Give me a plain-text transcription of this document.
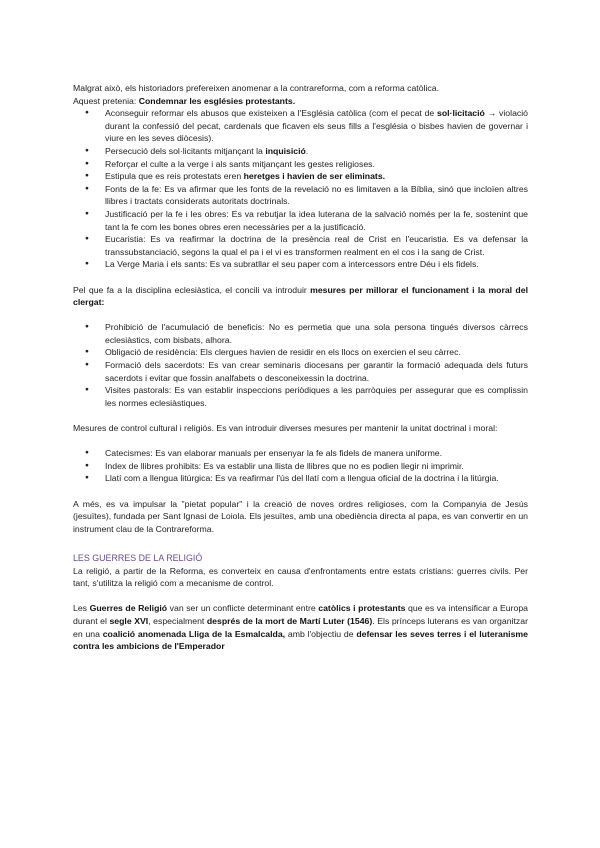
Malgrat això, els historiadors prefereixen anomenar a la contrareforma, com a reforma catòlica.
Aquest pretenia: Condemnar les esglésies protestants.

● Aconseguir reformar els abusos que existeixen a l'Església catòlica (com el pecat de sol·licitació → violació durant la confessió del pecat, cardenals que ficaven els seus fills a l'església o bisbes havien de governar i viure en les seves diòcesis).
● Persecució dels sol·licitants mitjançant la inquisició.
● Reforçar el culte a la verge i als sants mitjançant les gestes religioses.
● Estipula que es reis protestats eren heretges i havien de ser eliminats.
● Fonts de la fe: Es va afirmar que les fonts de la revelació no es limitaven a la Bíblia, sinó que incloïen altres llibres i tractats considerats autoritats doctrinals.
● Justificació per la fe i les obres: Es va rebutjar la idea luterana de la salvació només per la fe, sostenint que tant la fe com les bones obres eren necessàries per a la justificació.
● Eucaristia: Es va reafirmar la doctrina de la presència real de Crist en l'eucaristia. Es va defensar la transsubstanciació, segons la qual el pa i el vi es transformen realment en el cos i la sang de Crist.
● La Verge Maria i els sants: Es va subratllar el seu paper com a intercessors entre Déu i els fidels.

Pel que fa a la disciplina eclesiàstica, el concili va introduir mesures per millorar el funcionament i la moral del clergat:

● Prohibició de l'acumulació de beneficis: No es permetia que una sola persona tingués diversos càrrecs eclesiàstics, com bisbats, alhora.
● Obligació de residència: Els clergues havien de residir en els llocs on exercien el seu càrrec.
● Formació dels sacerdots: Es van crear seminaris diocesans per garantir la formació adequada dels futurs sacerdots i evitar que fossin analfabets o desconeixessin la doctrina.
● Visites pastorals: Es van establir inspeccions periòdiques a les parròquies per assegurar que es complissin les normes eclesiàstiques.

Mesures de control cultural i religiós. Es van introduir diverses mesures per mantenir la unitat doctrinal i moral:

● Catecismes: Es van elaborar manuals per ensenyar la fe als fidels de manera uniforme.
● Index de llibres prohibits: Es va establir una llista de llibres que no es podien llegir ni imprimir.
● Llatí com a llengua litúrgica: Es va reafirmar l'ús del llatí com a llengua oficial de la doctrina i la litúrgia.

A més, es va impulsar la "pietat popular" i la creació de noves ordres religioses, com la Companyia de Jesús (jesuïtes), fundada per Sant Ignasi de Loiola. Els jesuïtes, amb una obediència directa al papa, es van convertir en un instrument clau de la Contrareforma.

LES GUERRES DE LA RELIGIÓ

La religió, a partir de la Reforma, es converteix en causa d'enfrontaments entre estats cristians: guerres civils. Per tant, s'utilitza la religió com a mecanisme de control.

Les Guerres de Religió van ser un conflicte determinant entre catòlics i protestants que es va intensificar a Europa durant el segle XVI, especialment després de la mort de Martí Luter (1546). Els prínceps luterans es van organitzar en una coalició anomenada Lliga de la Esmalcalda, amb l'objectiu de defensar les seves terres i el luteranisme contra les ambicions de l'Emperador
